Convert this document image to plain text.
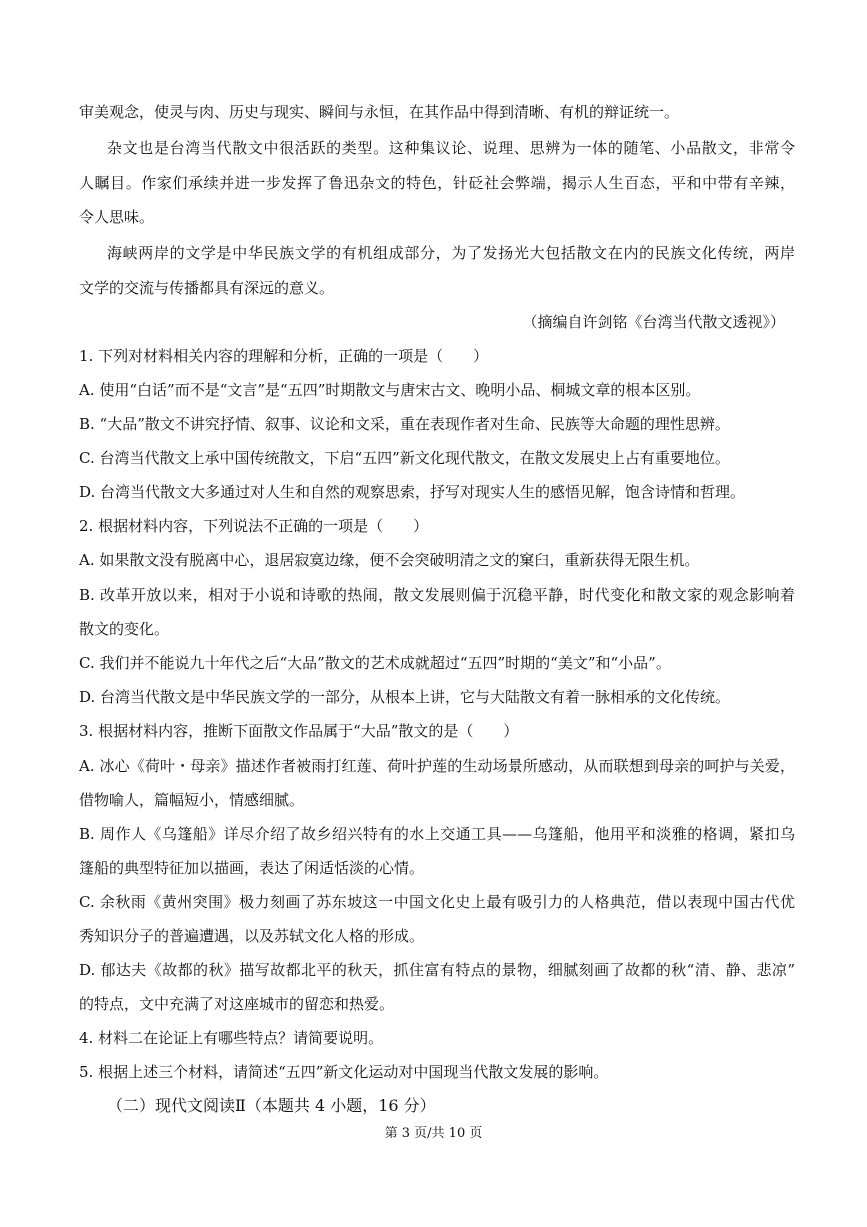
审美观念，使灵与肉、历史与现实、瞬间与永恒，在其作品中得到清晰、有机的辩证统一。
杂文也是台湾当代散文中很活跃的类型。这种集议论、说理、思辨为一体的随笔、小品散文，非常令
人瞩目。作家们承续并进一步发挥了鲁迅杂文的特色，针砭社会弊端，揭示人生百态，平和中带有辛辣，
令人思味。
海峡两岸的文学是中华民族文学的有机组成部分，为了发扬光大包括散文在内的民族文化传统，两岸
文学的交流与传播都具有深远的意义。
（摘编自许剑铭《台湾当代散文透视》）
1. 下列对材料相关内容的理解和分析，正确的一项是（　　）
A. 使用“白话”而不是“文言”是“五四”时期散文与唐宋古文、晚明小品、桐城文章的根本区别。
B. “大品”散文不讲究抒情、叙事、议论和文采，重在表现作者对生命、民族等大命题的理性思辨。
C. 台湾当代散文上承中国传统散文，下启“五四”新文化现代散文，在散文发展史上占有重要地位。
D. 台湾当代散文大多通过对人生和自然的观察思索，抒写对现实人生的感悟见解，饱含诗情和哲理。
2. 根据材料内容，下列说法不正确的一项是（　　）
A. 如果散文没有脱离中心，退居寂寞边缘，便不会突破明清之文的窠臼，重新获得无限生机。
B. 改革开放以来，相对于小说和诗歌的热闹，散文发展则偏于沉稳平静，时代变化和散文家的观念影响着
散文的变化。
C. 我们并不能说九十年代之后“大品”散文的艺术成就超过“五四”时期的“美文”和“小品”。
D. 台湾当代散文是中华民族文学的一部分，从根本上讲，它与大陆散文有着一脉相承的文化传统。
3. 根据材料内容，推断下面散文作品属于“大品”散文的是（　　）
A. 冰心《荷叶・母亲》描述作者被雨打红莲、荷叶护莲的生动场景所感动，从而联想到母亲的呵护与关爱，
借物喻人，篇幅短小，情感细腻。
B. 周作人《乌篷船》详尽介绍了故乡绍兴特有的水上交通工具——乌篷船，他用平和淡雅的格调，紧扣乌
篷船的典型特征加以描画，表达了闲适恬淡的心情。
C. 余秋雨《黄州突围》极力刻画了苏东坡这一中国文化史上最有吸引力的人格典范，借以表现中国古代优
秀知识分子的普遍遭遇，以及苏轼文化人格的形成。
D. 郁达夫《故都的秋》描写故都北平的秋天，抓住富有特点的景物，细腻刻画了故都的秋“清、静、悲凉”
的特点，文中充满了对这座城市的留恋和热爱。
4. 材料二在论证上有哪些特点？请简要说明。
5. 根据上述三个材料，请简述“五四”新文化运动对中国现当代散文发展的影响。
（二）现代文阅读Ⅱ（本题共 4 小题，16 分）
第 3 页/共 10 页
